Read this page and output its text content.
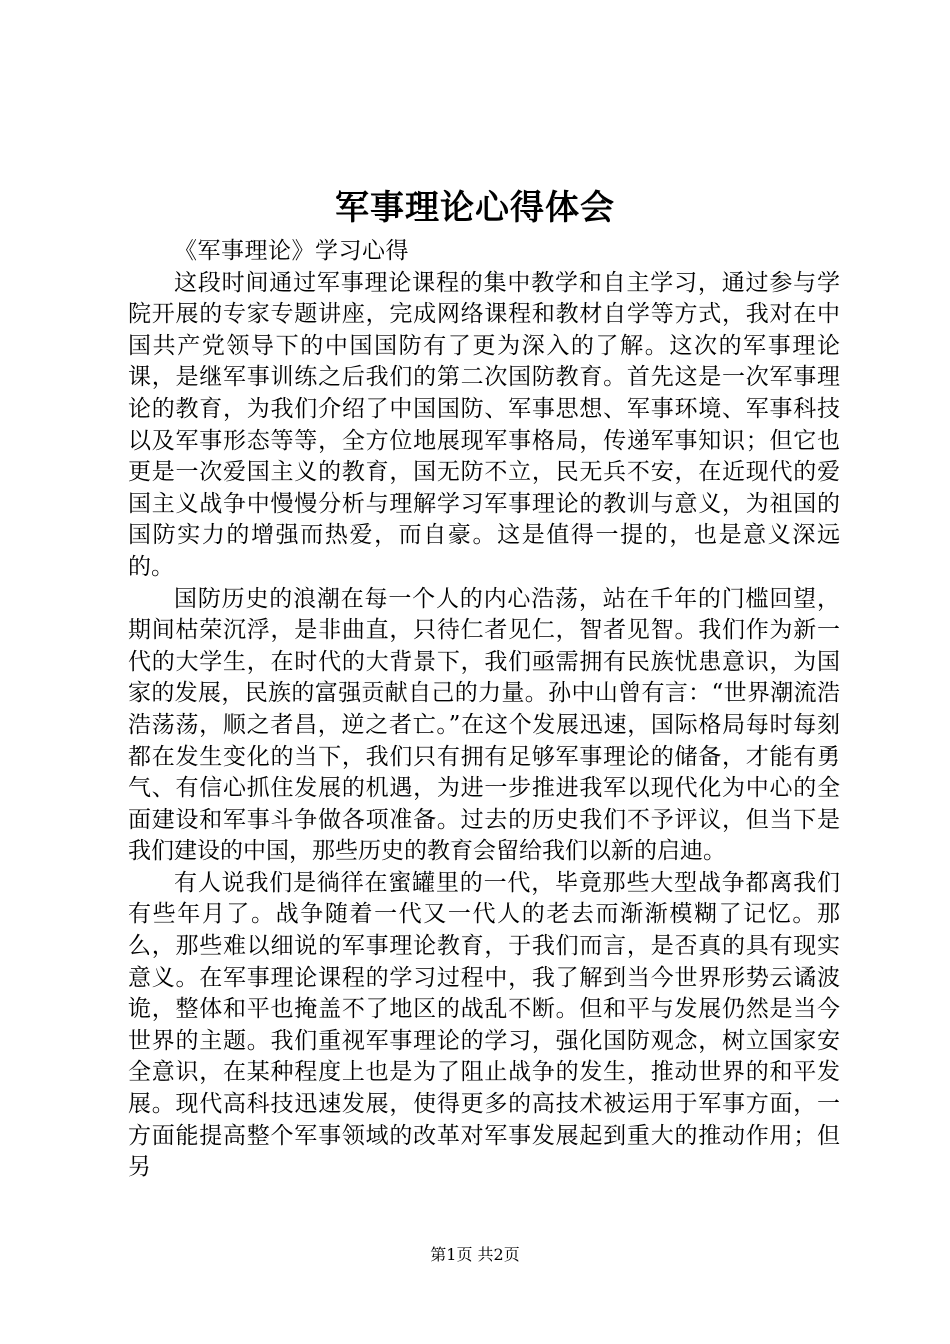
军事理论心得体会

《军事理论》学习心得

这段时间通过军事理论课程的集中教学和自主学习，通过参与学院开展的专家专题讲座，完成网络课程和教材自学等方式，我对在中国共产党领导下的中国国防有了更为深入的了解。这次的军事理论课，是继军事训练之后我们的第二次国防教育。首先这是一次军事理论的教育，为我们介绍了中国国防、军事思想、军事环境、军事科技以及军事形态等等，全方位地展现军事格局，传递军事知识；但它也更是一次爱国主义的教育，国无防不立，民无兵不安，在近现代的爱国主义战争中慢慢分析与理解学习军事理论的教训与意义，为祖国的国防实力的增强而热爱，而自豪。这是值得一提的，也是意义深远的。

国防历史的浪潮在每一个人的内心浩荡，站在千年的门槛回望，期间枯荣沉浮，是非曲直，只待仁者见仁，智者见智。我们作为新一代的大学生，在时代的大背景下，我们亟需拥有民族忧患意识，为国家的发展，民族的富强贡献自己的力量。孙中山曾有言：“世界潮流浩浩荡荡，顺之者昌，逆之者亡。”在这个发展迅速，国际格局每时每刻都在发生变化的当下，我们只有拥有足够军事理论的储备，才能有勇气、有信心抓住发展的机遇，为进一步推进我军以现代化为中心的全面建设和军事斗争做各项准备。过去的历史我们不予评议，但当下是我们建设的中国，那些历史的教育会留给我们以新的启迪。

有人说我们是徜徉在蜜罐里的一代，毕竟那些大型战争都离我们有些年月了。战争随着一代又一代人的老去而渐渐模糊了记忆。那么，那些难以细说的军事理论教育，于我们而言，是否真的具有现实意义。在军事理论课程的学习过程中，我了解到当今世界形势云谲波诡，整体和平也掩盖不了地区的战乱不断。但和平与发展仍然是当今世界的主题。我们重视军事理论的学习，强化国防观念，树立国家安全意识，在某种程度上也是为了阻止战争的发生，推动世界的和平发展。现代高科技迅速发展，使得更多的高技术被运用于军事方面，一方面能提高整个军事领域的改革对军事发展起到重大的推动作用；但另

第1页 共2页
